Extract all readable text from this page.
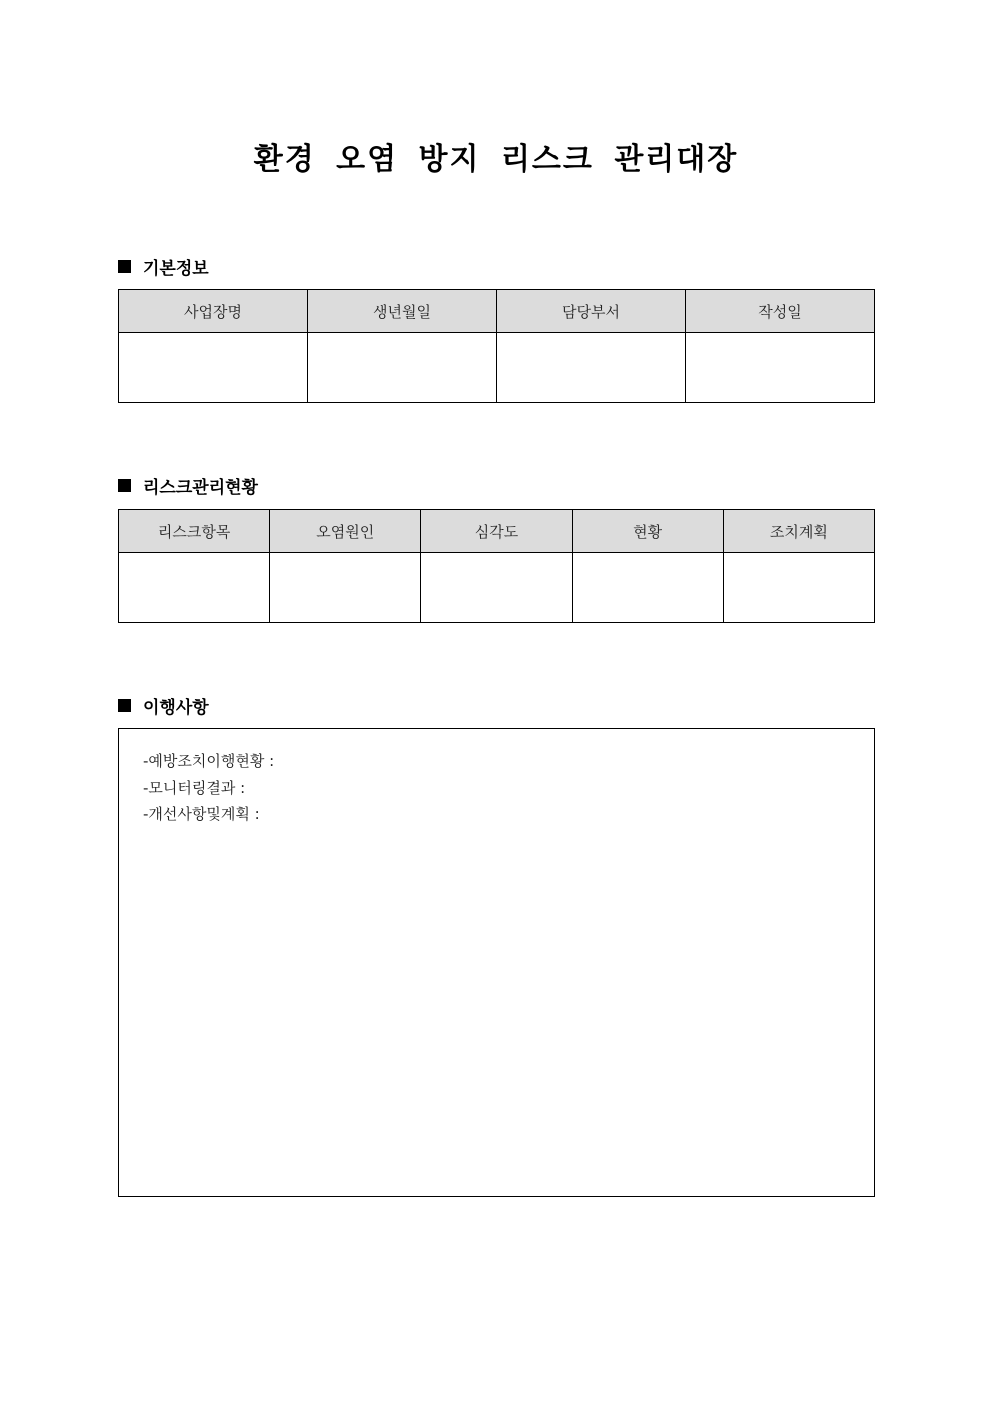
환경 오염 방지 리스크 관리대장
기본정보
사업장명	생년월일	담당부서	작성일

리스크관리현황
리스크항목	오염원인	심각도	현황	조치계획

이행사항
-예방조치이행현황 :
-모니터링결과 :
-개선사항및계획 :
